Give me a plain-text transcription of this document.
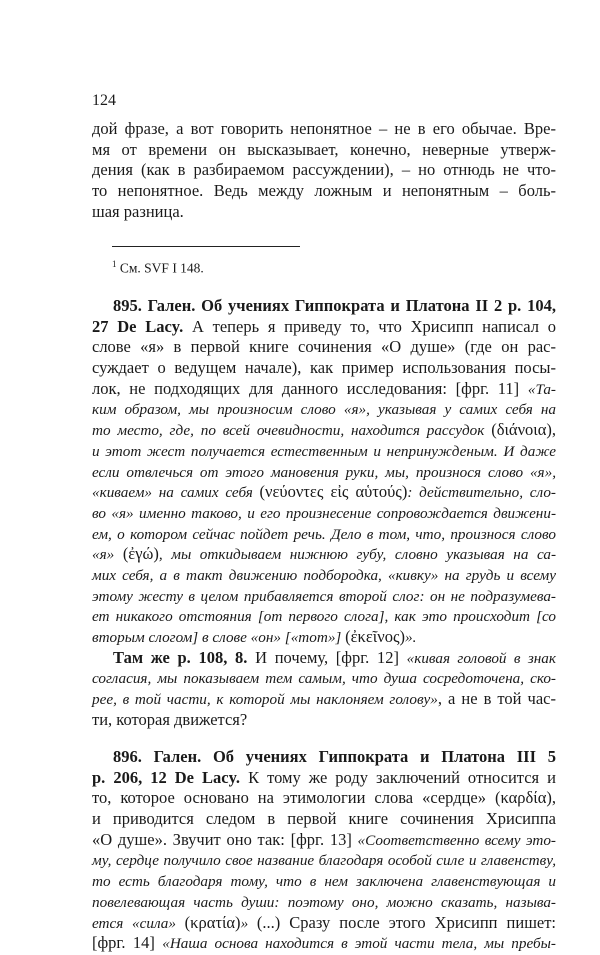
124
дой фразе, а вот говорить непонятное – не в его обычае. Вре-
мя от времени он высказывает, конечно, неверные утверж-
дения (как в разбираемом рассуждении), – но отнюдь не что-
то непонятное. Ведь между ложным и непонятным – боль-
шая разница.
$^1$ См. SVF I 148.
895. Гален. Об учениях Гиппократа и Платона II 2 p. 104,
27 De Lacy. А теперь я приведу то, что Хрисипп написал о
слове «я» в первой книге сочинения «О душе» (где он рас-
суждает о ведущем начале), как пример использования посы-
лок, не подходящих для данного исследования: [фрг. 11] «Та-
ким образом, мы произносим слово «я», указывая у самих себя на
то место, где, по всей очевидности, находится рассудок (διάνοια),
и этот жест получается естественным и непринужденым. И даже
если отвлечься от этого мановения руки, мы, произнося слово «я»,
«киваем» на самих себя (νεύοντες εἰς αὑτούς): действительно, сло-
во «я» именно таково, и его произнесение сопровождается движени-
ем, о котором сейчас пойдет речь. Дело в том, что, произнося слово
«я» (ἐγώ), мы откидываем нижнюю губу, словно указывая на са-
мих себя, а в такт движению подбородка, «кивку» на грудь и всему
этому жесту в целом прибавляется второй слог: он не подразумева-
ет никакого отстояния [от первого слога], как это происходит [со
вторым слогом] в слове «он» [«тот»] (ἐκεῖνος)».
Там же p. 108, 8. И почему, [фрг. 12] «кивая головой в знак
согласия, мы показываем тем самым, что душа сосредоточена, ско-
рее, в той части, к которой мы наклоняем голову», а не в той час-
ти, которая движется?
896. Гален. Об учениях Гиппократа и Платона III 5
p. 206, 12 De Lacy. К тому же роду заключений относится и
то, которое основано на этимологии слова «сердце» (καρδία),
и приводится следом в первой книге сочинения Хрисиппа
«О душе». Звучит оно так: [фрг. 13] «Соответственно всему это-
му, сердце получило свое название благодаря особой силе и главенству,
то есть благодаря тому, что в нем заключена главенствующая и
повелевающая часть души: поэтому оно, можно сказать, называ-
ется «сила» (κρατία)» (...) Сразу после этого Хрисипп пишет:
[фрг. 14] «Наша основа находится в этой части тела, мы пребы-
